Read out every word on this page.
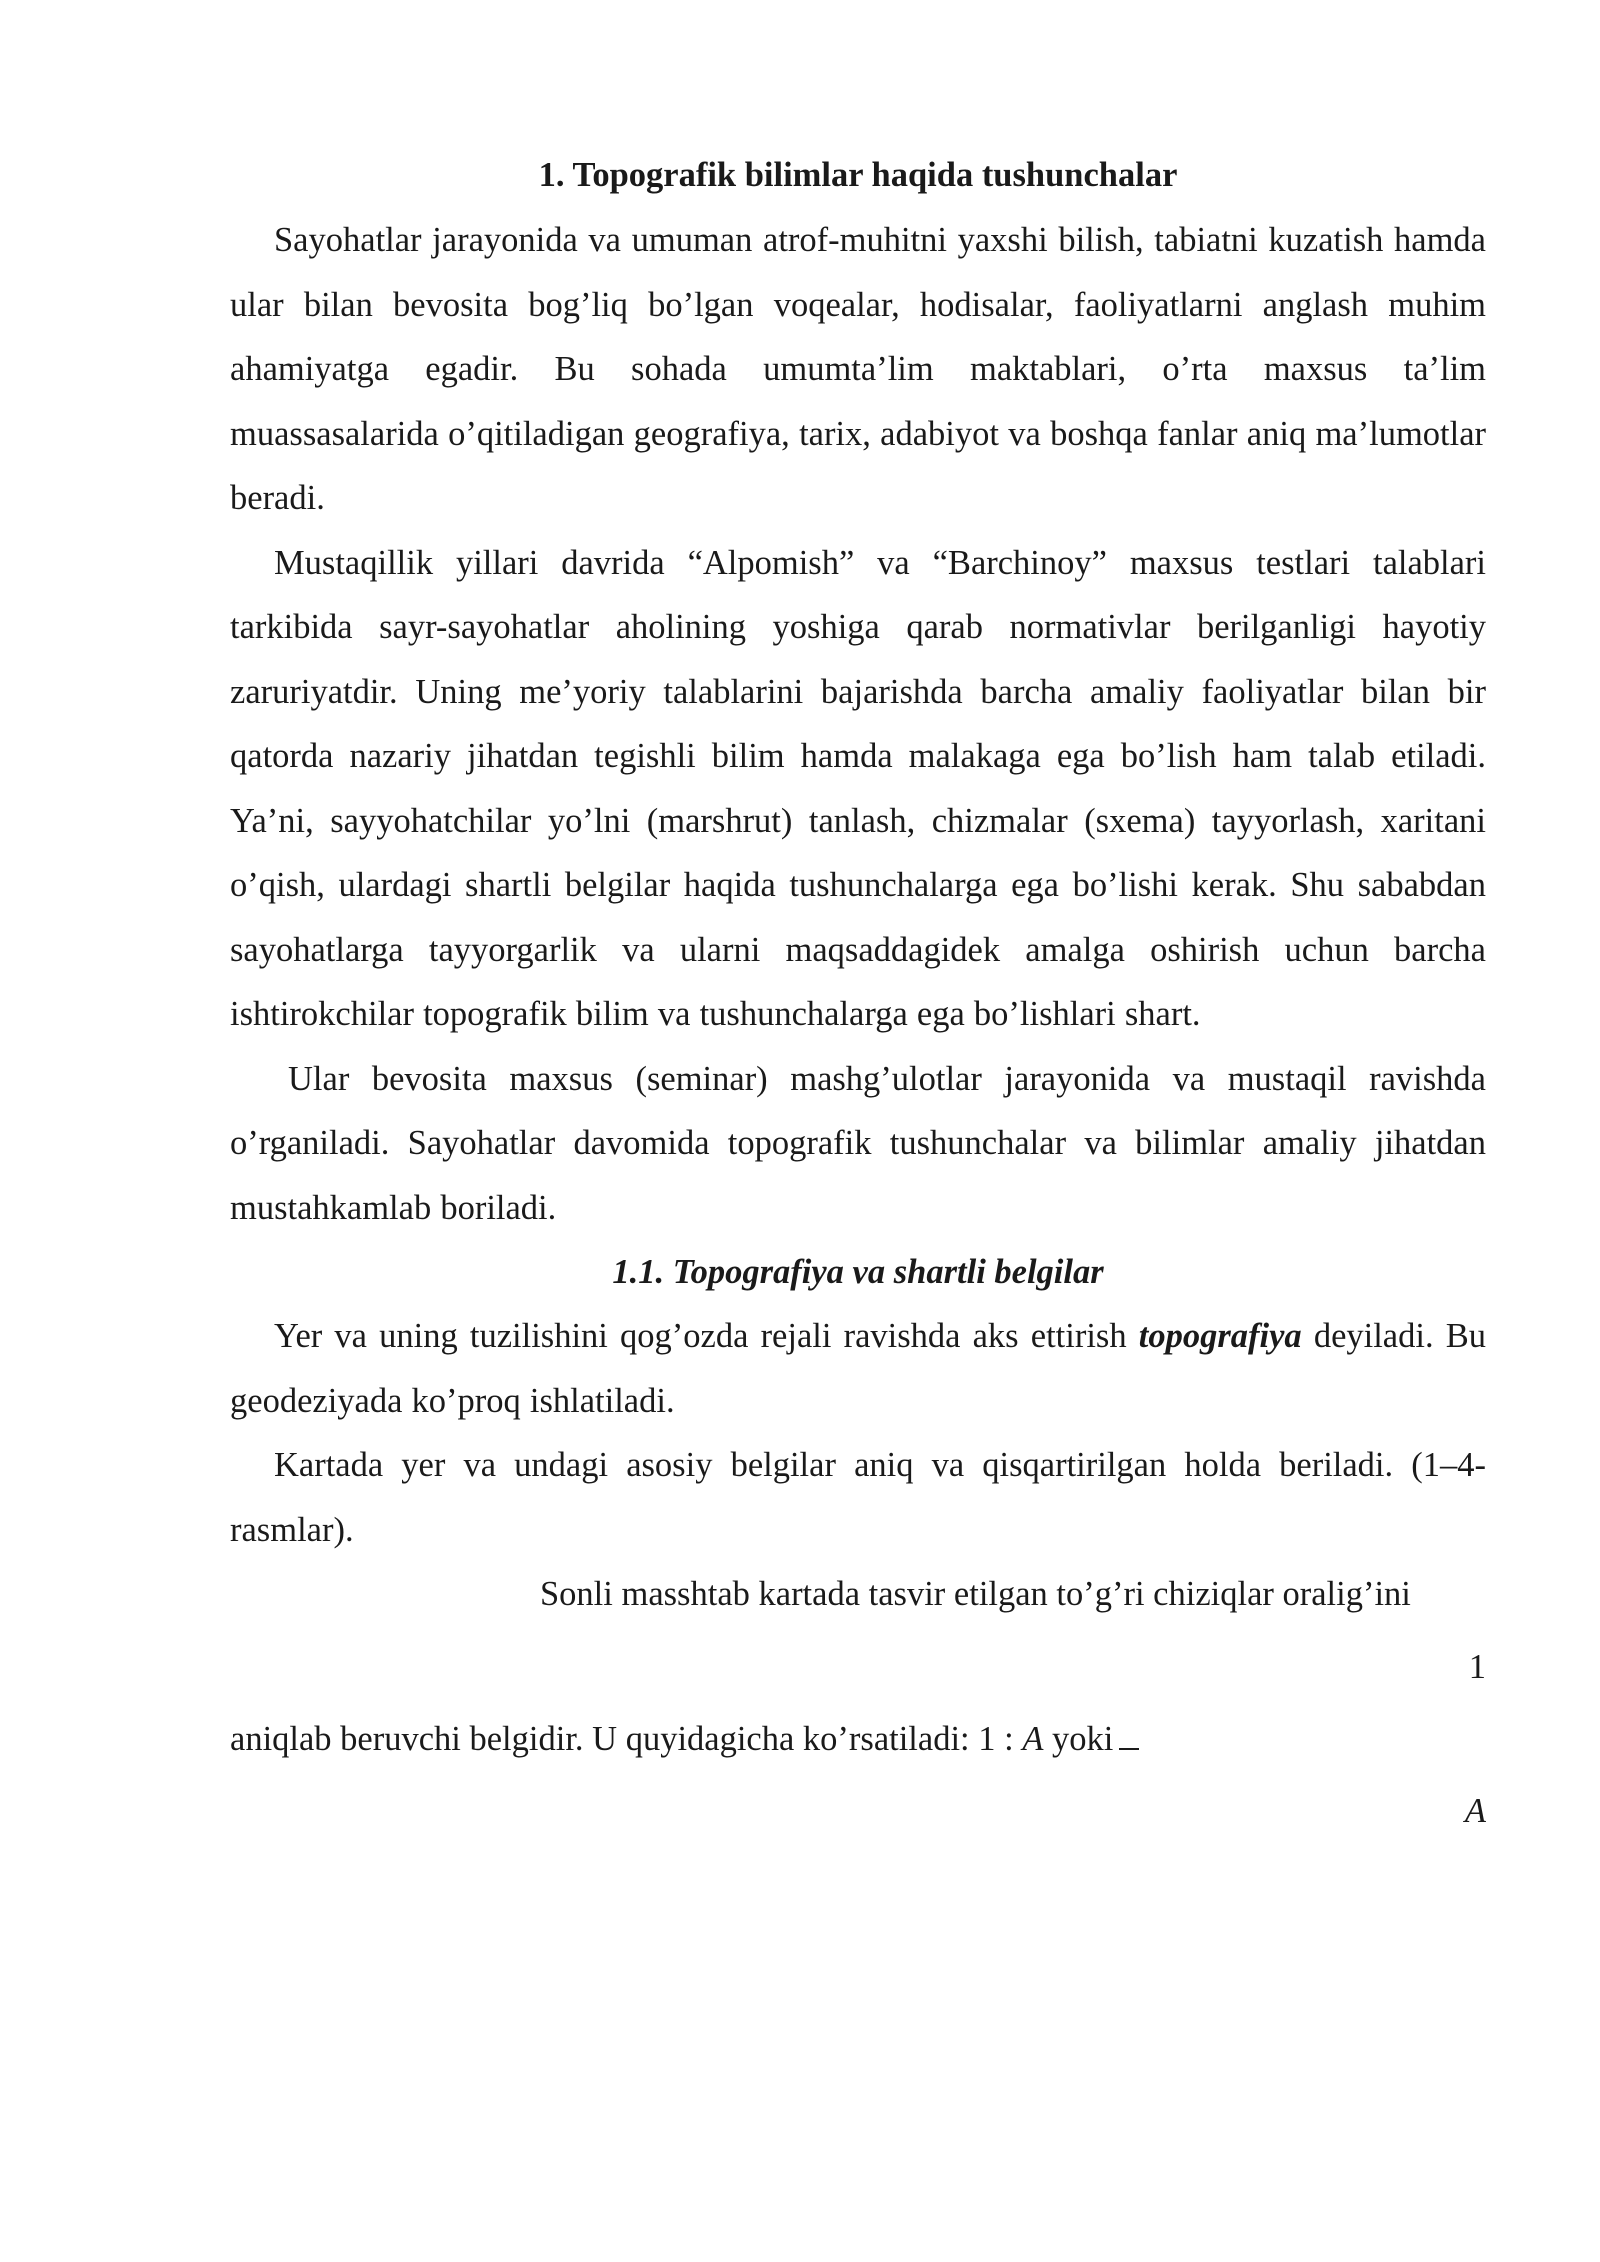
1. Topografik bilimlar haqida tushunchalar

Sayohatlar jarayonida va umuman atrof-muhitni yaxshi bilish, tabiatni kuzatish hamda ular bilan bevosita bog’liq bo’lgan voqealar, hodisalar, faoliyatlarni anglash muhim ahamiyatga egadir. Bu sohada umumta’lim maktablari, o’rta maxsus ta’lim muassasalarida o’qitiladigan geografiya, tarix, adabiyot va boshqa fanlar aniq ma’lumotlar beradi.

Mustaqillik yillari davrida “Alpomish” va “Barchinoy” maxsus testlari talablari tarkibida sayr-sayohatlar aholining yoshiga qarab normativlar berilganligi hayotiy zaruriyatdir. Uning me’yoriy talablarini bajarishda barcha amaliy faoliyatlar bilan bir qatorda nazariy jihatdan tegishli bilim hamda malakaga ega bo’lish ham talab etiladi. Ya’ni, sayyohatchilar yo’lni (marshrut) tanlash, chizmalar (sxema) tayyorlash, xaritani o’qish, ulardagi shartli belgilar haqida tushunchalarga ega bo’lishi kerak. Shu sababdan sayohatlarga tayyorgarlik va ularni maqsaddagidek amalga oshirish uchun barcha ishtirokchilar topografik bilim va tushunchalarga ega bo’lishlari shart.

Ular bevosita maxsus (seminar) mashg’ulotlar jarayonida va mustaqil ravishda o’rganiladi. Sayohatlar davomida topografik tushunchalar va bilimlar amaliy jihatdan mustahkamlab boriladi.

1.1. Topografiya va shartli belgilar

Yer va uning tuzilishini qog’ozda rejali ravishda aks ettirish topografiya deyiladi. Bu geodeziyada ko’proq ishlatiladi.

Kartada yer va undagi asosiy belgilar aniq va qisqartirilgan holda beriladi. (1–4-rasmlar).

Sonli masshtab kartada tasvir etilgan to’g’ri chiziqlar oralig’ini

1

aniqlab beruvchi belgidir. U quyidagicha ko’rsatiladi: 1 : A yoki

A
